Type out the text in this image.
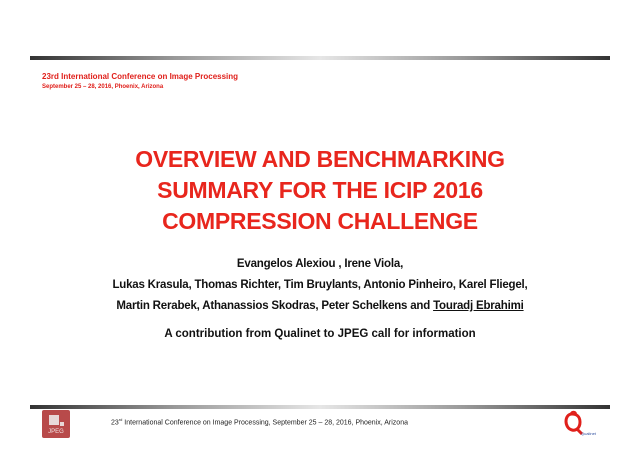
23rd International Conference on Image Processing
September 25 – 28, 2016, Phoenix, Arizona
OVERVIEW AND BENCHMARKING
SUMMARY FOR THE ICIP 2016
COMPRESSION CHALLENGE
Evangelos Alexiou , Irene Viola,
Lukas Krasula, Thomas Richter, Tim Bruylants, Antonio Pinheiro, Karel Fliegel,
Martin Rerabek, Athanassios Skodras, Peter Schelkens and Touradj Ebrahimi
A contribution from Qualinet to JPEG call for information
JPEG
23rd International Conference on Image Processing, September 25 – 28, 2016, Phoenix, Arizona
Qualinet
